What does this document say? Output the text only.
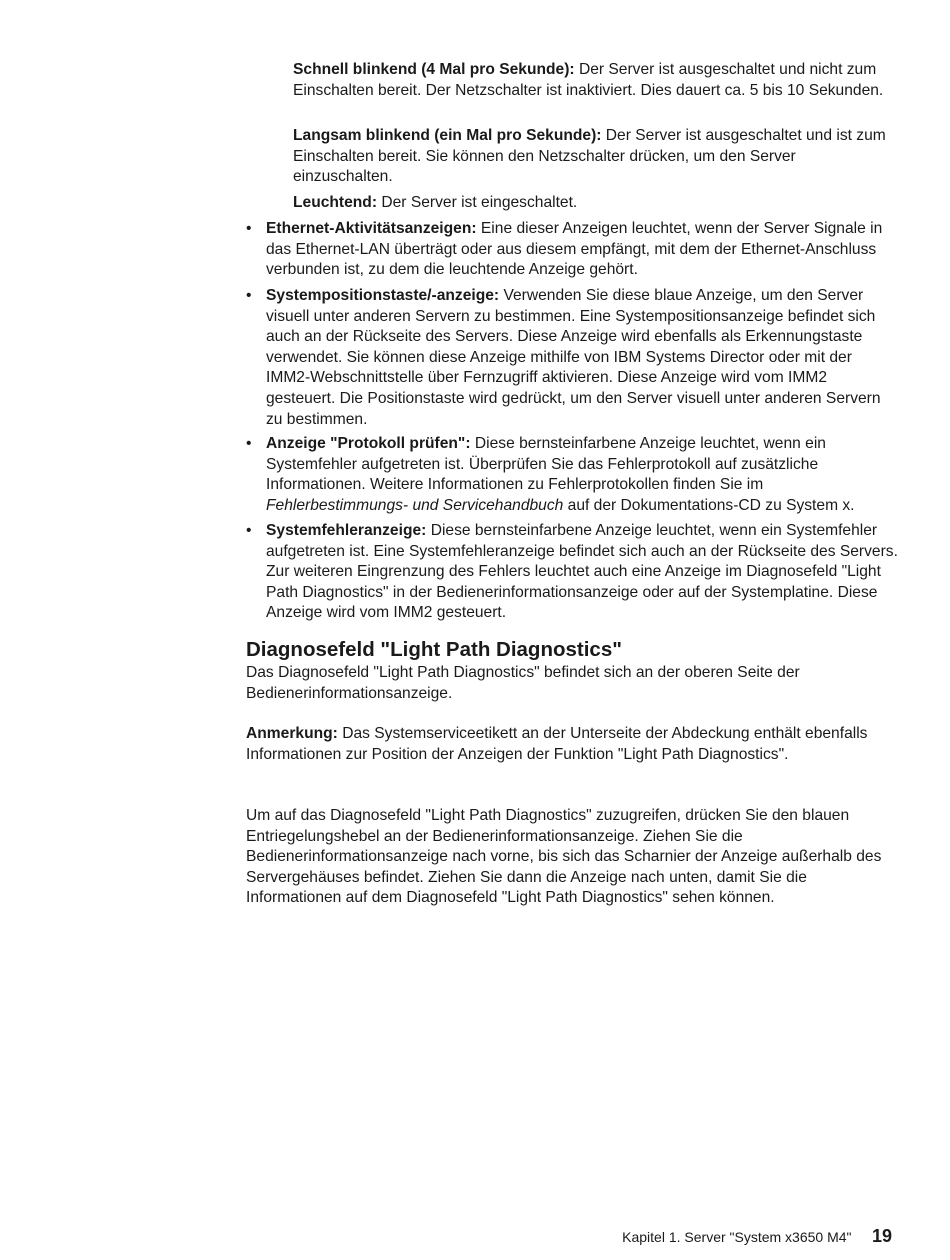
Schnell blinkend (4 Mal pro Sekunde): Der Server ist ausgeschaltet und nicht zum Einschalten bereit. Der Netzschalter ist inaktiviert. Dies dauert ca. 5 bis 10 Sekunden.

Langsam blinkend (ein Mal pro Sekunde): Der Server ist ausgeschaltet und ist zum Einschalten bereit. Sie können den Netzschalter drücken, um den Server einzuschalten.

Leuchtend: Der Server ist eingeschaltet.

• Ethernet-Aktivitätsanzeigen: Eine dieser Anzeigen leuchtet, wenn der Server Signale in das Ethernet-LAN überträgt oder aus diesem empfängt, mit dem der Ethernet-Anschluss verbunden ist, zu dem die leuchtende Anzeige gehört.

• Systempositionstaste/-anzeige: Verwenden Sie diese blaue Anzeige, um den Server visuell unter anderen Servern zu bestimmen. Eine Systempositionsanzeige befindet sich auch an der Rückseite des Servers. Diese Anzeige wird ebenfalls als Erkennungstaste verwendet. Sie können diese Anzeige mithilfe von IBM Systems Director oder mit der IMM2-Webschnittstelle über Fernzugriff aktivieren. Diese Anzeige wird vom IMM2 gesteuert. Die Positionstaste wird gedrückt, um den Server visuell unter anderen Servern zu bestimmen.

• Anzeige "Protokoll prüfen": Diese bernsteinfarbene Anzeige leuchtet, wenn ein Systemfehler aufgetreten ist. Überprüfen Sie das Fehlerprotokoll auf zusätzliche Informationen. Weitere Informationen zu Fehlerprotokollen finden Sie im Fehlerbestimmungs- und Servicehandbuch auf der Dokumentations-CD zu System x.

• Systemfehleranzeige: Diese bernsteinfarbene Anzeige leuchtet, wenn ein Systemfehler aufgetreten ist. Eine Systemfehleranzeige befindet sich auch an der Rückseite des Servers. Zur weiteren Eingrenzung des Fehlers leuchtet auch eine Anzeige im Diagnosefeld "Light Path Diagnostics" in der Bedienerinformationsanzeige oder auf der Systemplatine. Diese Anzeige wird vom IMM2 gesteuert.

Diagnosefeld "Light Path Diagnostics"

Das Diagnosefeld "Light Path Diagnostics" befindet sich an der oberen Seite der Bedienerinformationsanzeige.

Anmerkung: Das Systemserviceetikett an der Unterseite der Abdeckung enthält ebenfalls Informationen zur Position der Anzeigen der Funktion "Light Path Diagnostics".

Um auf das Diagnosefeld "Light Path Diagnostics" zuzugreifen, drücken Sie den blauen Entriegelungshebel an der Bedienerinformationsanzeige. Ziehen Sie die Bedienerinformationsanzeige nach vorne, bis sich das Scharnier der Anzeige außerhalb des Servergehäuses befindet. Ziehen Sie dann die Anzeige nach unten, damit Sie die Informationen auf dem Diagnosefeld "Light Path Diagnostics" sehen können.

Kapitel 1. Server "System x3650 M4" 19
